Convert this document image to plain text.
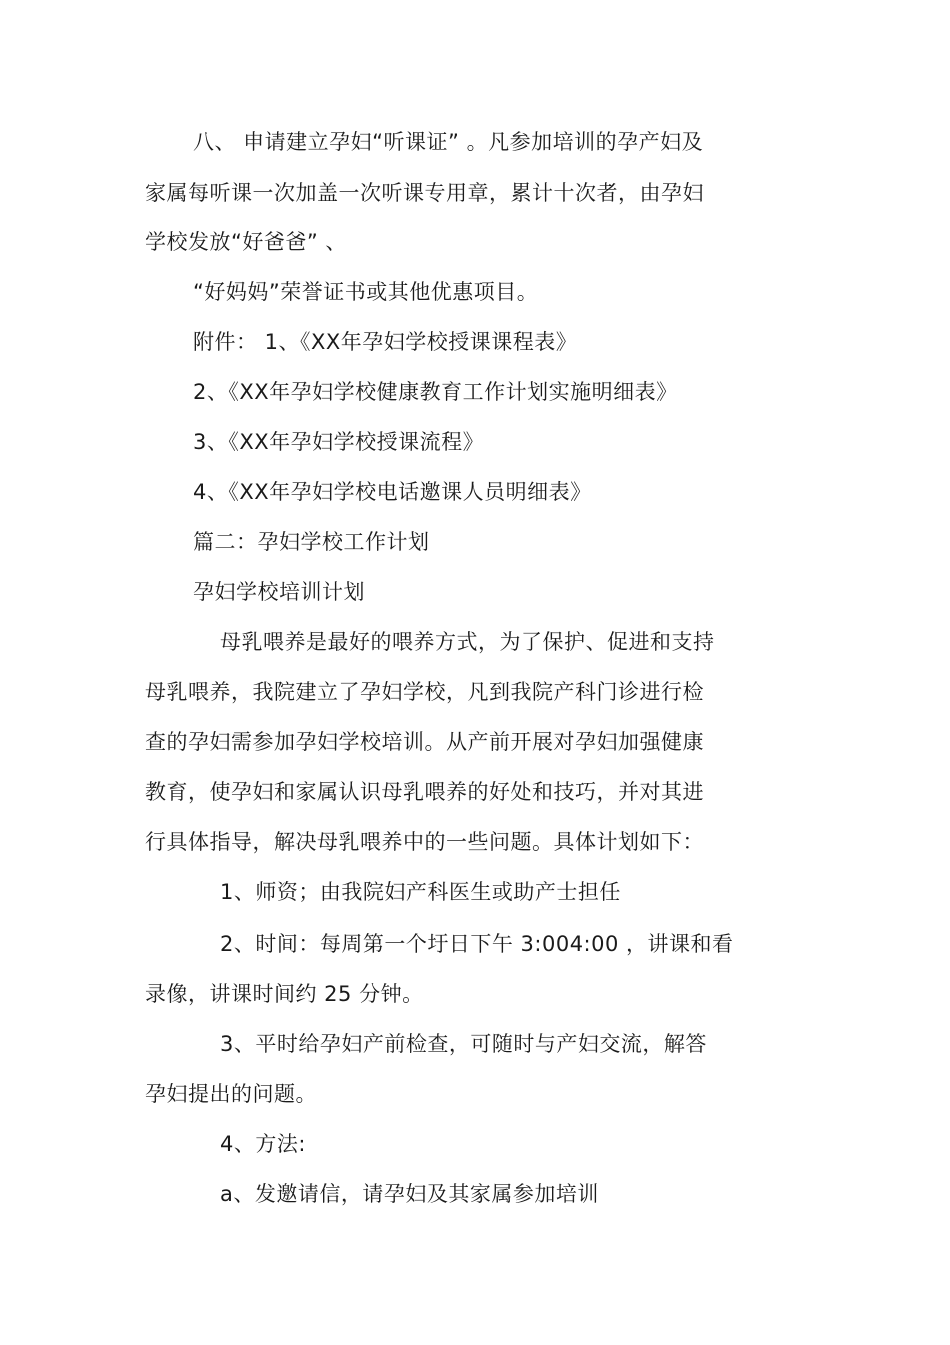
八、 申请建立孕妇“听课证” 。凡参加培训的孕产妇及
家属每听课一次加盖一次听课专用章，累计十次者，由孕妇
学校发放“好爸爸” 、
“好妈妈”荣誉证书或其他优惠项目。
附件： 1、《XX年孕妇学校授课课程表》
2、《XX年孕妇学校健康教育工作计划实施明细表》
3、《XX年孕妇学校授课流程》
4、《XX年孕妇学校电话邀课人员明细表》
篇二：孕妇学校工作计划
孕妇学校培训计划
母乳喂养是最好的喂养方式，为了保护、促进和支持
母乳喂养，我院建立了孕妇学校，凡到我院产科门诊进行检
查的孕妇需参加孕妇学校培训。从产前开展对孕妇加强健康
教育，使孕妇和家属认识母乳喂养的好处和技巧，并对其进
行具体指导，解决母乳喂养中的一些问题。具体计划如下：
1、师资；由我院妇产科医生或助产士担任
2、时间：每周第一个圩日下午 3:004:00 ，讲课和看
录像，讲课时间约 25 分钟。
3、平时给孕妇产前检查，可随时与产妇交流，解答
孕妇提出的问题。
4、方法:
a、发邀请信，请孕妇及其家属参加培训
